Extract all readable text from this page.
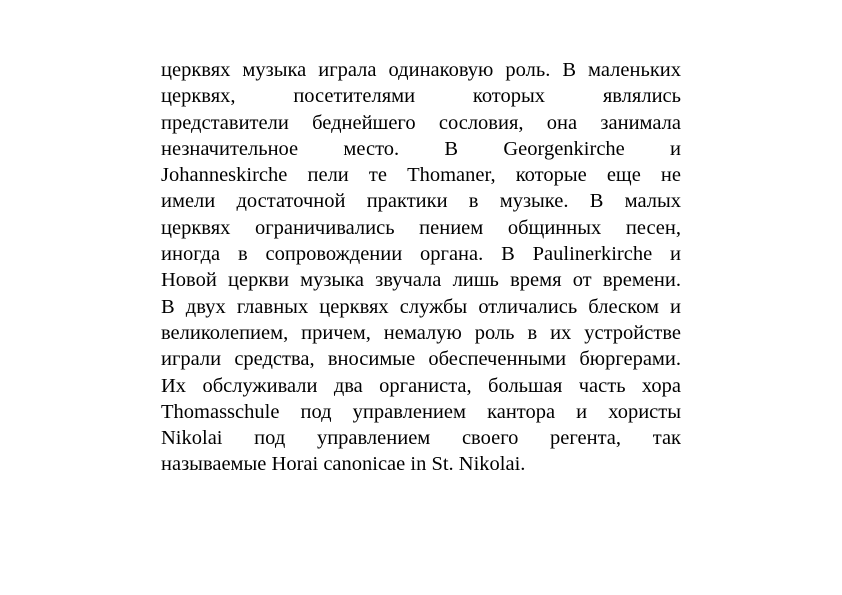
церквях музыка играла одинаковую роль. В маленьких
церквях, посетителями которых являлись
представители беднейшего сословия, она занимала
незначительное место. В Georgenkirche и
Johanneskirche пели те Thomaner, которые еще не
имели достаточной практики в музыке. В малых
церквях ограничивались пением общинных песен,
иногда в сопровождении органа. В Paulinerkirche и
Новой церкви музыка звучала лишь время от времени.
В двух главных церквях службы отличались блеском и
великолепием, причем, немалую роль в их устройстве
играли средства, вносимые обеспеченными бюргерами.
Их обслуживали два органиста, большая часть хора
Thomasschule под управлением кантора и хористы
Nikolai под управлением своего регента, так
называемые Horai canonicae in St. Nikolai.
